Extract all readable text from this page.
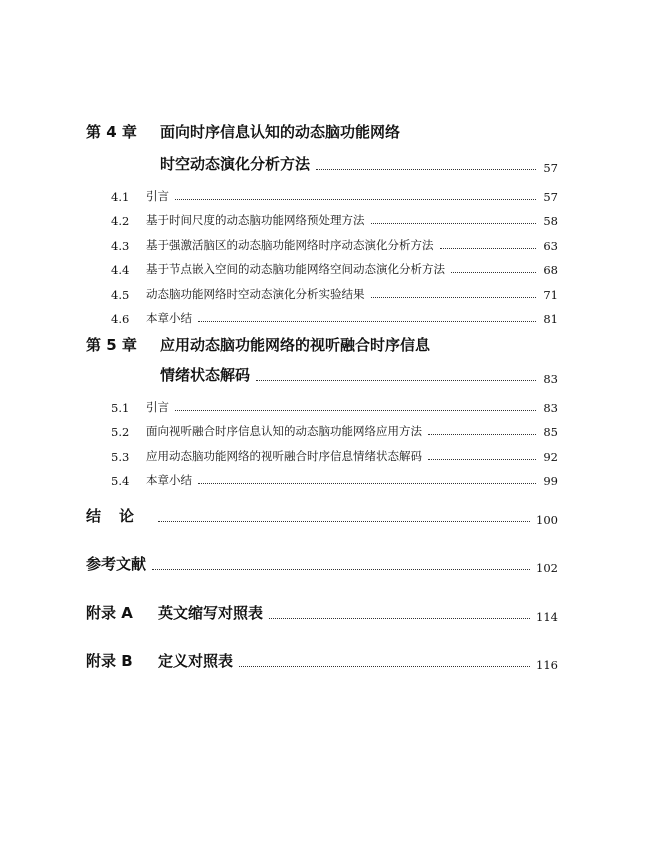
第 4 章	面向时序信息认知的动态脑功能网络
时空动态演化分析方法	57
4.1	引言	57
4.2	基于时间尺度的动态脑功能网络预处理方法	58
4.3	基于强激活脑区的动态脑功能网络时序动态演化分析方法	63
4.4	基于节点嵌入空间的动态脑功能网络空间动态演化分析方法	68
4.5	动态脑功能网络时空动态演化分析实验结果	71
4.6	本章小结	81
第 5 章	应用动态脑功能网络的视听融合时序信息
情绪状态解码	83
5.1	引言	83
5.2	面向视听融合时序信息认知的动态脑功能网络应用方法	85
5.3	应用动态脑功能网络的视听融合时序信息情绪状态解码	92
5.4	本章小结	99
结论	100
参考文献	102
附录 A	英文缩写对照表	114
附录 B	定义对照表	116
